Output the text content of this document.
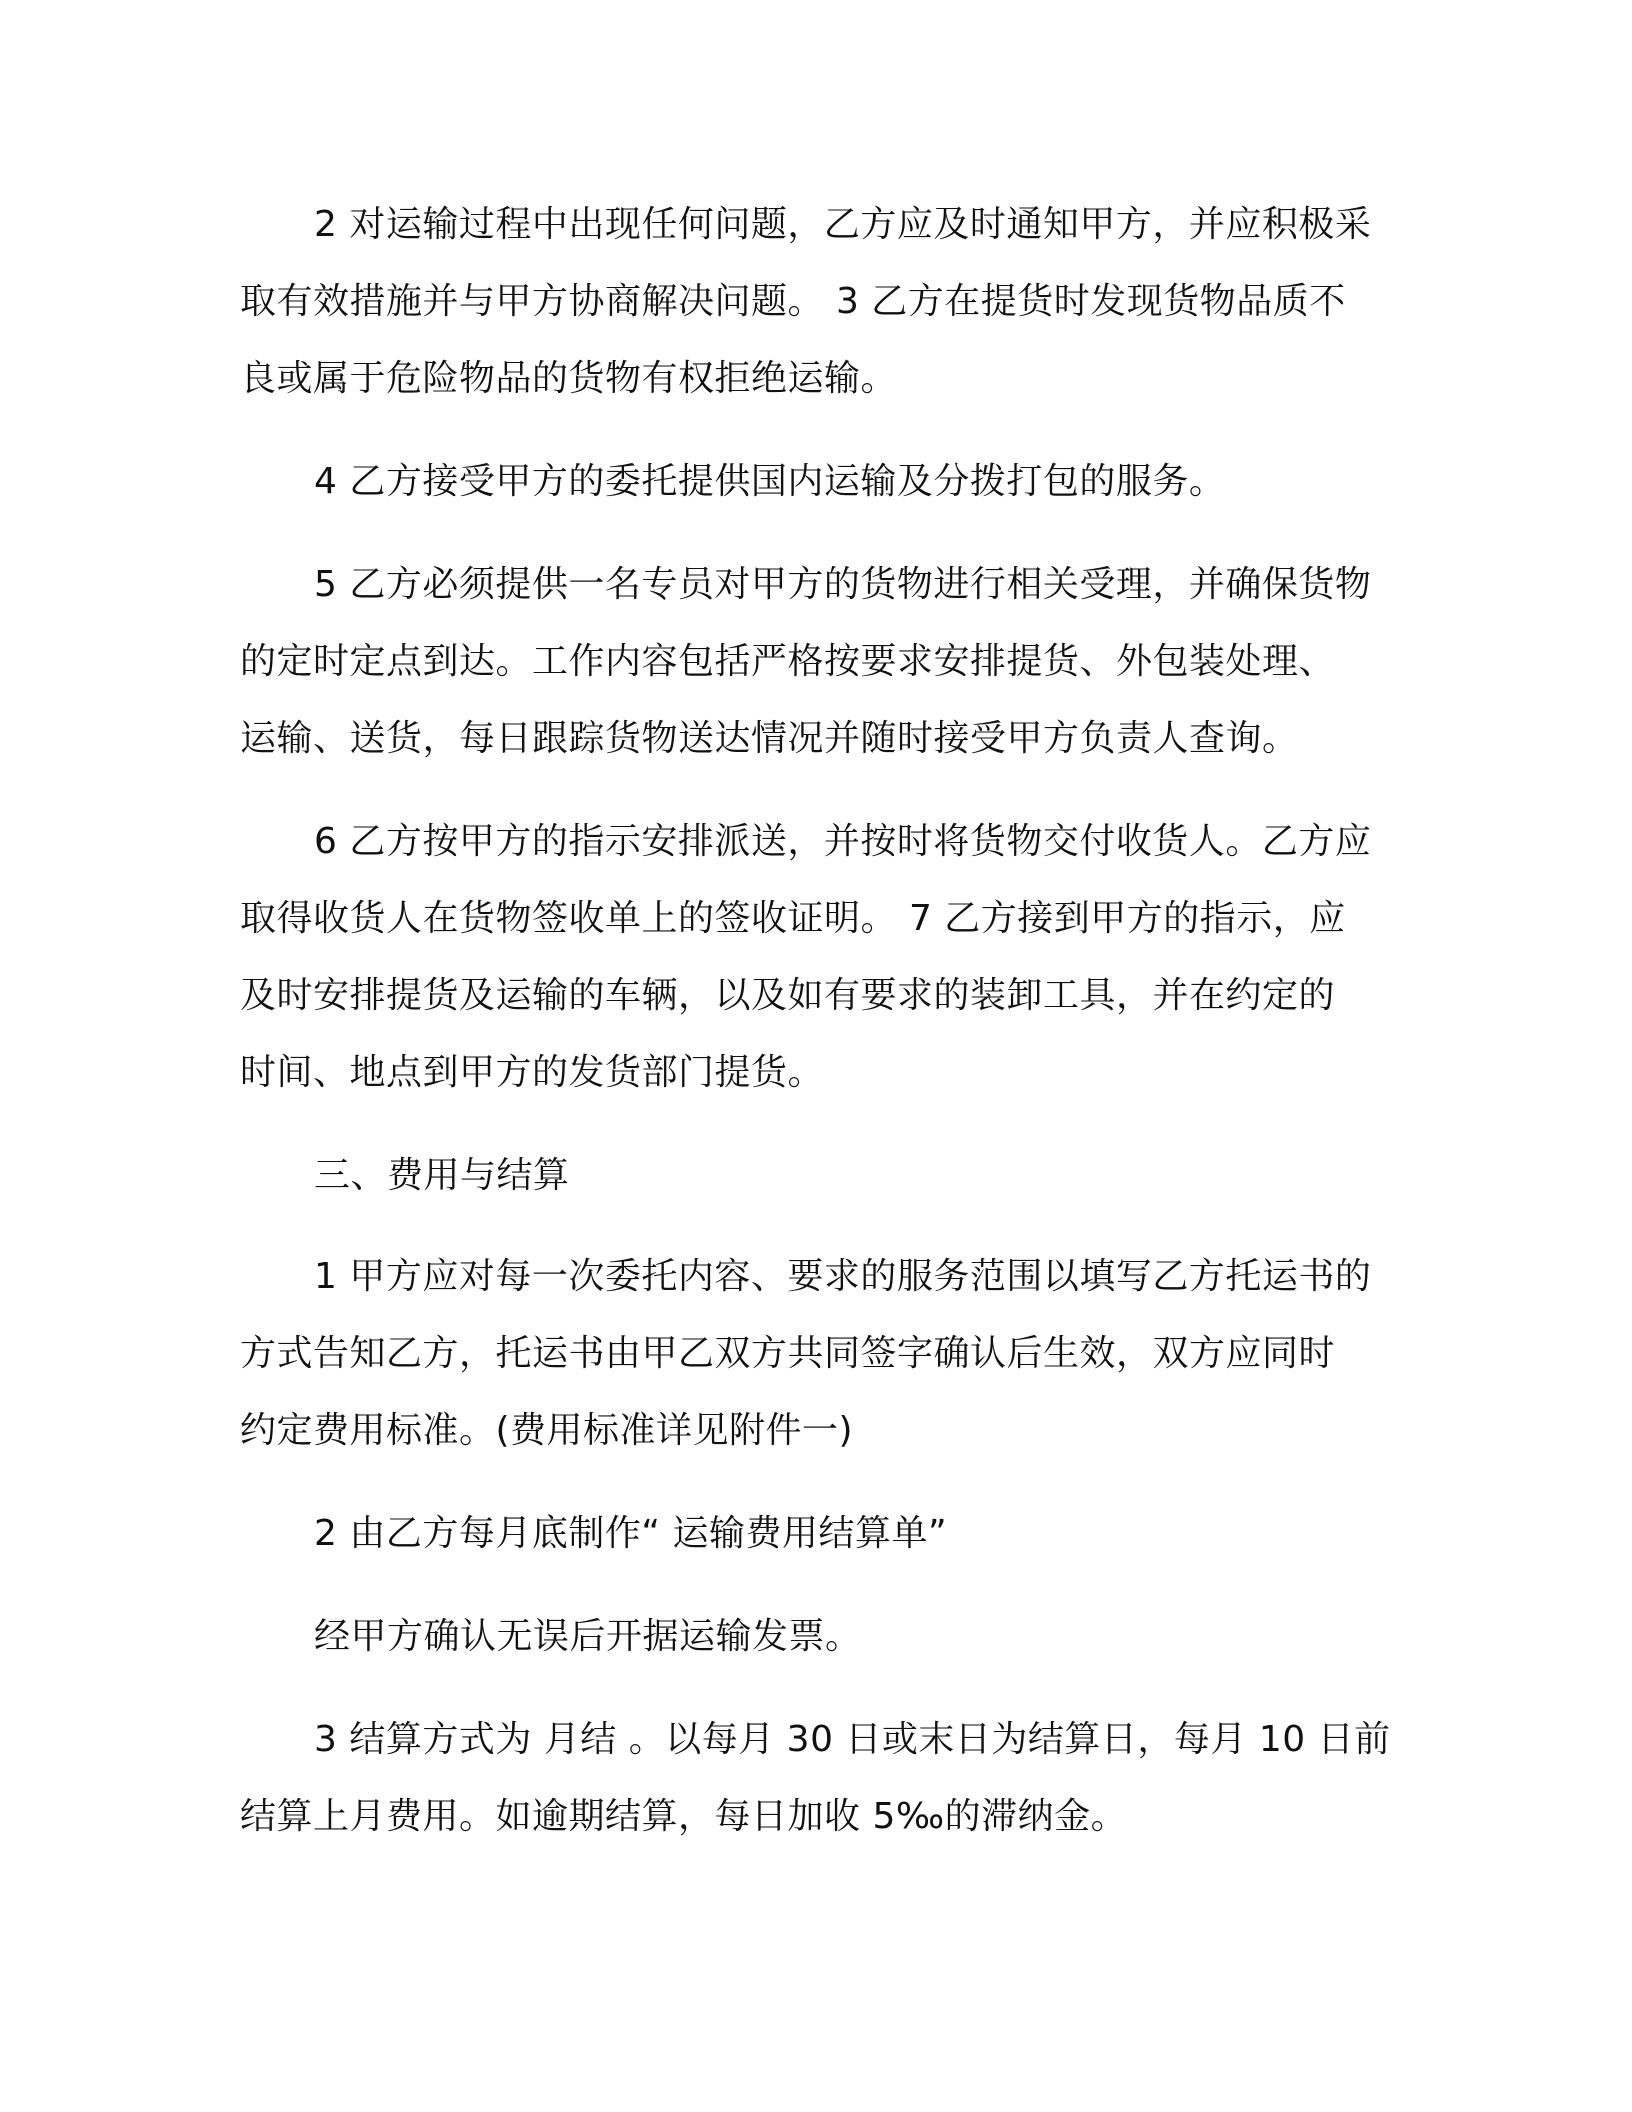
2 对运输过程中出现任何问题，乙方应及时通知甲方，并应积极采
取有效措施并与甲方协商解决问题。 3 乙方在提货时发现货物品质不
良或属于危险物品的货物有权拒绝运输。

4 乙方接受甲方的委托提供国内运输及分拨打包的服务。

5 乙方必须提供一名专员对甲方的货物进行相关受理，并确保货物
的定时定点到达。工作内容包括严格按要求安排提货、外包装处理、
运输、送货，每日跟踪货物送达情况并随时接受甲方负责人查询。

6 乙方按甲方的指示安排派送，并按时将货物交付收货人。乙方应
取得收货人在货物签收单上的签收证明。 7 乙方接到甲方的指示，应
及时安排提货及运输的车辆，以及如有要求的装卸工具，并在约定的
时间、地点到甲方的发货部门提货。

三、费用与结算

1 甲方应对每一次委托内容、要求的服务范围以填写乙方托运书的
方式告知乙方，托运书由甲乙双方共同签字确认后生效，双方应同时
约定费用标准。(费用标准详见附件一)

2 由乙方每月底制作“ 运输费用结算单”

经甲方确认无误后开据运输发票。

3 结算方式为 月结 。以每月 30 日或末日为结算日，每月 10 日前
结算上月费用。如逾期结算，每日加收 5‰的滞纳金。
